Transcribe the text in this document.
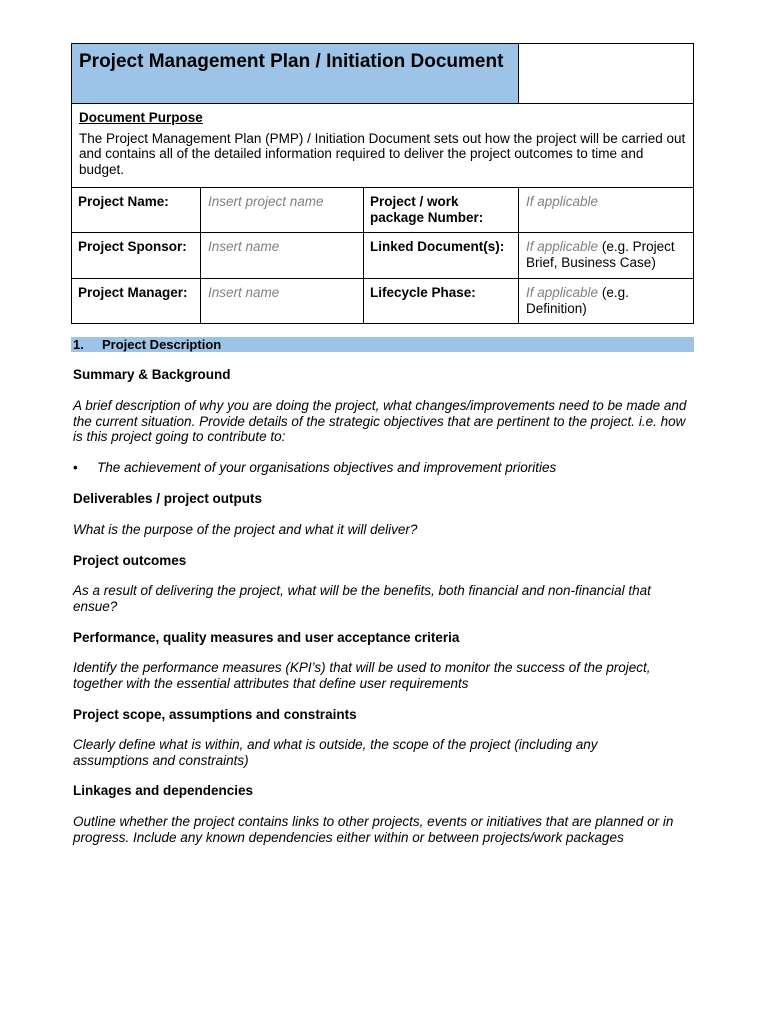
Project Management Plan / Initiation Document			

Document Purpose
The Project Management Plan (PMP) / Initiation Document sets out how the project will be carried out and contains all of the detailed information required to deliver the project outcomes to time and budget.			
Project Name:	Insert project name	Project / work package Number:	If applicable
Project Sponsor:	Insert name	Linked Document(s):	If applicable (e.g. Project Brief, Business Case)
Project Manager:	Insert name	Lifecycle Phase:	If applicable (e.g. Definition)
1. Project Description
Summary & Background
A brief description of why you are doing the project, what changes/improvements need to be made and the current situation. Provide details of the strategic objectives that are pertinent to the project. i.e. how is this project going to contribute to:
• The achievement of your organisations objectives and improvement priorities
Deliverables / project outputs
What is the purpose of the project and what it will deliver?
Project outcomes
As a result of delivering the project, what will be the benefits, both financial and non-financial that ensue?
Performance, quality measures and user acceptance criteria
Identify the performance measures (KPI’s) that will be used to monitor the success of the project, together with the essential attributes that define user requirements
Project scope, assumptions and constraints
Clearly define what is within, and what is outside, the scope of the project (including any assumptions and constraints)
Linkages and dependencies
Outline whether the project contains links to other projects, events or initiatives that are planned or in progress. Include any known dependencies either within or between projects/work packages
